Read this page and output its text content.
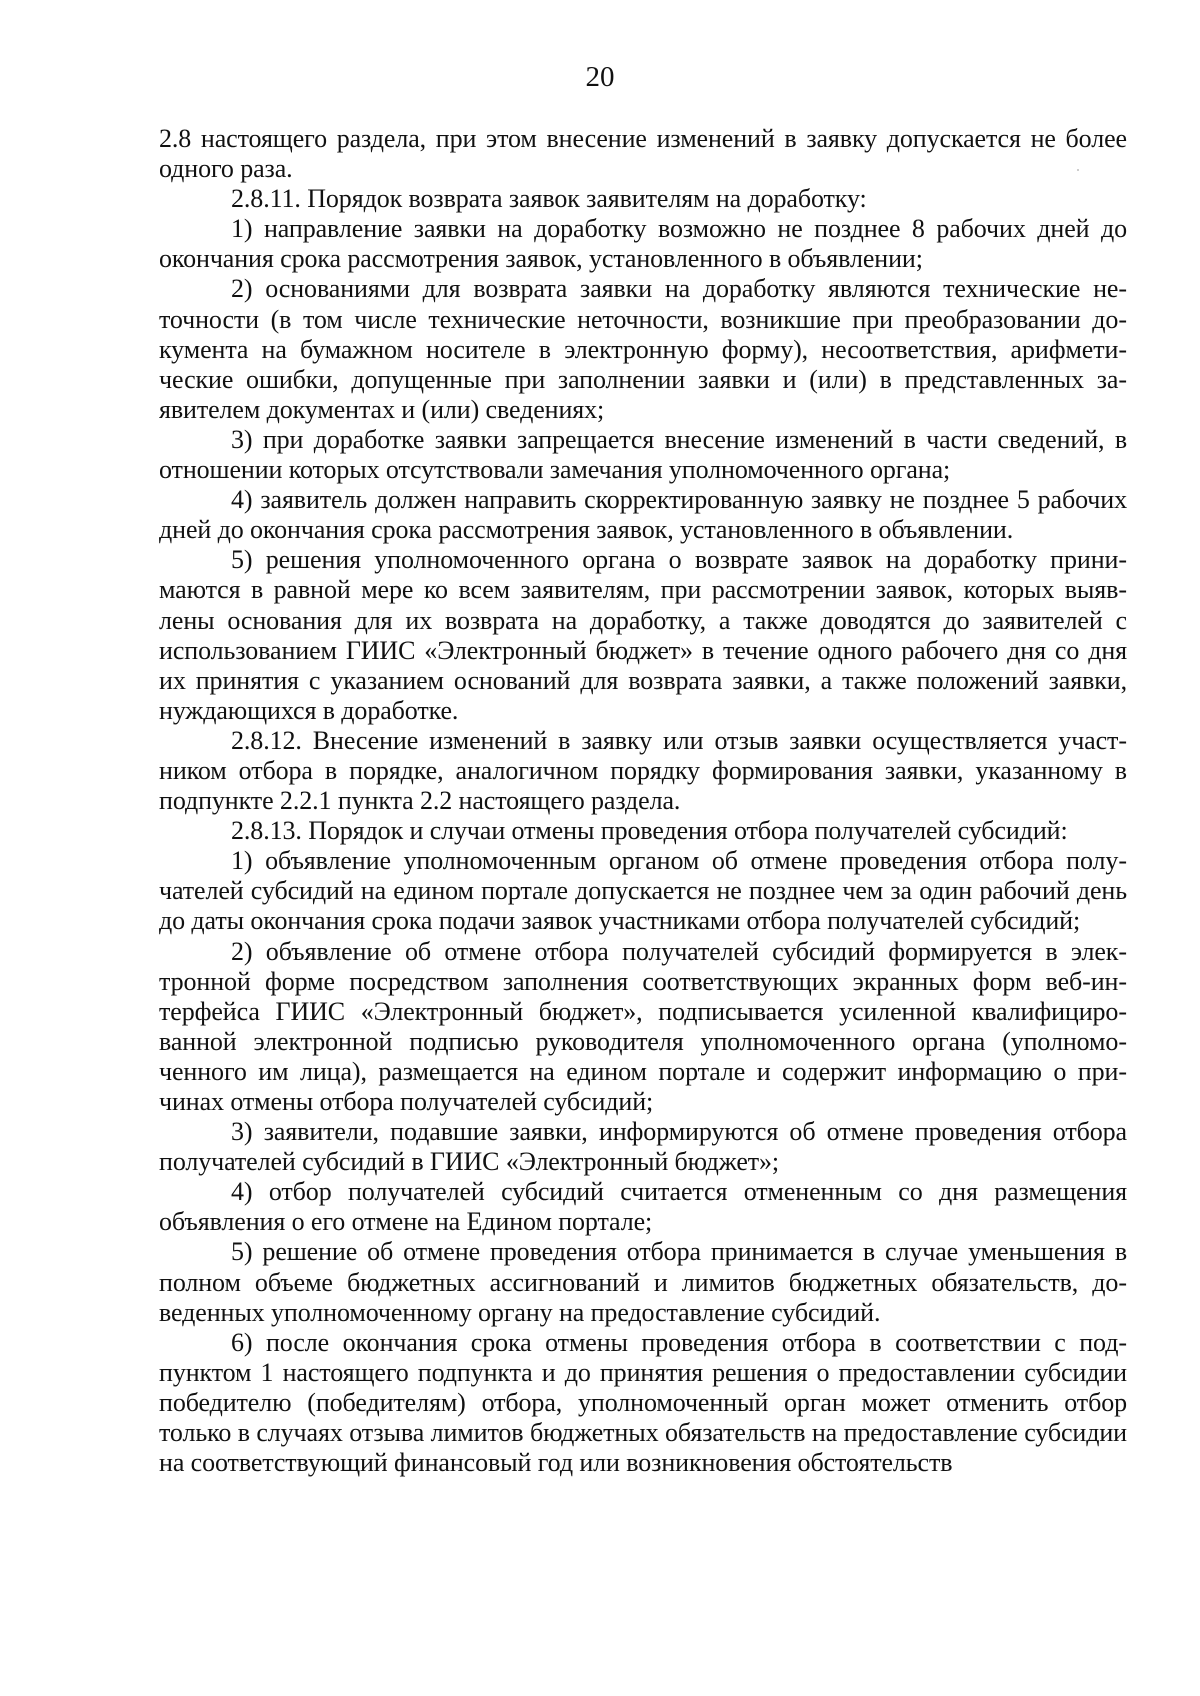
20

2.8 настоящего раздела, при этом внесение изменений в заявку допускается не более одного раза.

2.8.11. Порядок возврата заявок заявителям на доработку:

1) направление заявки на доработку возможно не позднее 8 рабочих дней до окончания срока рассмотрения заявок, установленного в объявлении;

2) основаниями для возврата заявки на доработку являются технические неточности (в том числе технические неточности, возникшие при преобразовании документа на бумажном носителе в электронную форму), несоответствия, арифметические ошибки, допущенные при заполнении заявки и (или) в представленных заявителем документах и (или) сведениях;

3) при доработке заявки запрещается внесение изменений в части сведений, в отношении которых отсутствовали замечания уполномоченного органа;

4) заявитель должен направить скорректированную заявку не позднее 5 рабочих дней до окончания срока рассмотрения заявок, установленного в объявлении.

5) решения уполномоченного органа о возврате заявок на доработку принимаются в равной мере ко всем заявителям, при рассмотрении заявок, которых выявлены основания для их возврата на доработку, а также доводятся до заявителей с использованием ГИИС «Электронный бюджет» в течение одного рабочего дня со дня их принятия с указанием оснований для возврата заявки, а также положений заявки, нуждающихся в доработке.

2.8.12. Внесение изменений в заявку или отзыв заявки осуществляется участником отбора в порядке, аналогичном порядку формирования заявки, указанному в подпункте 2.2.1 пункта 2.2 настоящего раздела.

2.8.13. Порядок и случаи отмены проведения отбора получателей субсидий:

1) объявление уполномоченным органом об отмене проведения отбора получателей субсидий на едином портале допускается не позднее чем за один рабочий день до даты окончания срока подачи заявок участниками отбора получателей субсидий;

2) объявление об отмене отбора получателей субсидий формируется в электронной форме посредством заполнения соответствующих экранных форм веб-интерфейса ГИИС «Электронный бюджет», подписывается усиленной квалифицированной электронной подписью руководителя уполномоченного органа (уполномоченного им лица), размещается на едином портале и содержит информацию о причинах отмены отбора получателей субсидий;

3) заявители, подавшие заявки, информируются об отмене проведения отбора получателей субсидий в ГИИС «Электронный бюджет»;

4) отбор получателей субсидий считается отмененным со дня размещения объявления о его отмене на Едином портале;

5) решение об отмене проведения отбора принимается в случае уменьшения в полном объеме бюджетных ассигнований и лимитов бюджетных обязательств, доведенных уполномоченному органу на предоставление субсидий.

6) после окончания срока отмены проведения отбора в соответствии с подпунктом 1 настоящего подпункта и до принятия решения о предоставлении субсидии победителю (победителям) отбора, уполномоченный орган может отменить отбор только в случаях отзыва лимитов бюджетных обязательств на предоставление субсидии на соответствующий финансовый год или возникновения обстоятельств
